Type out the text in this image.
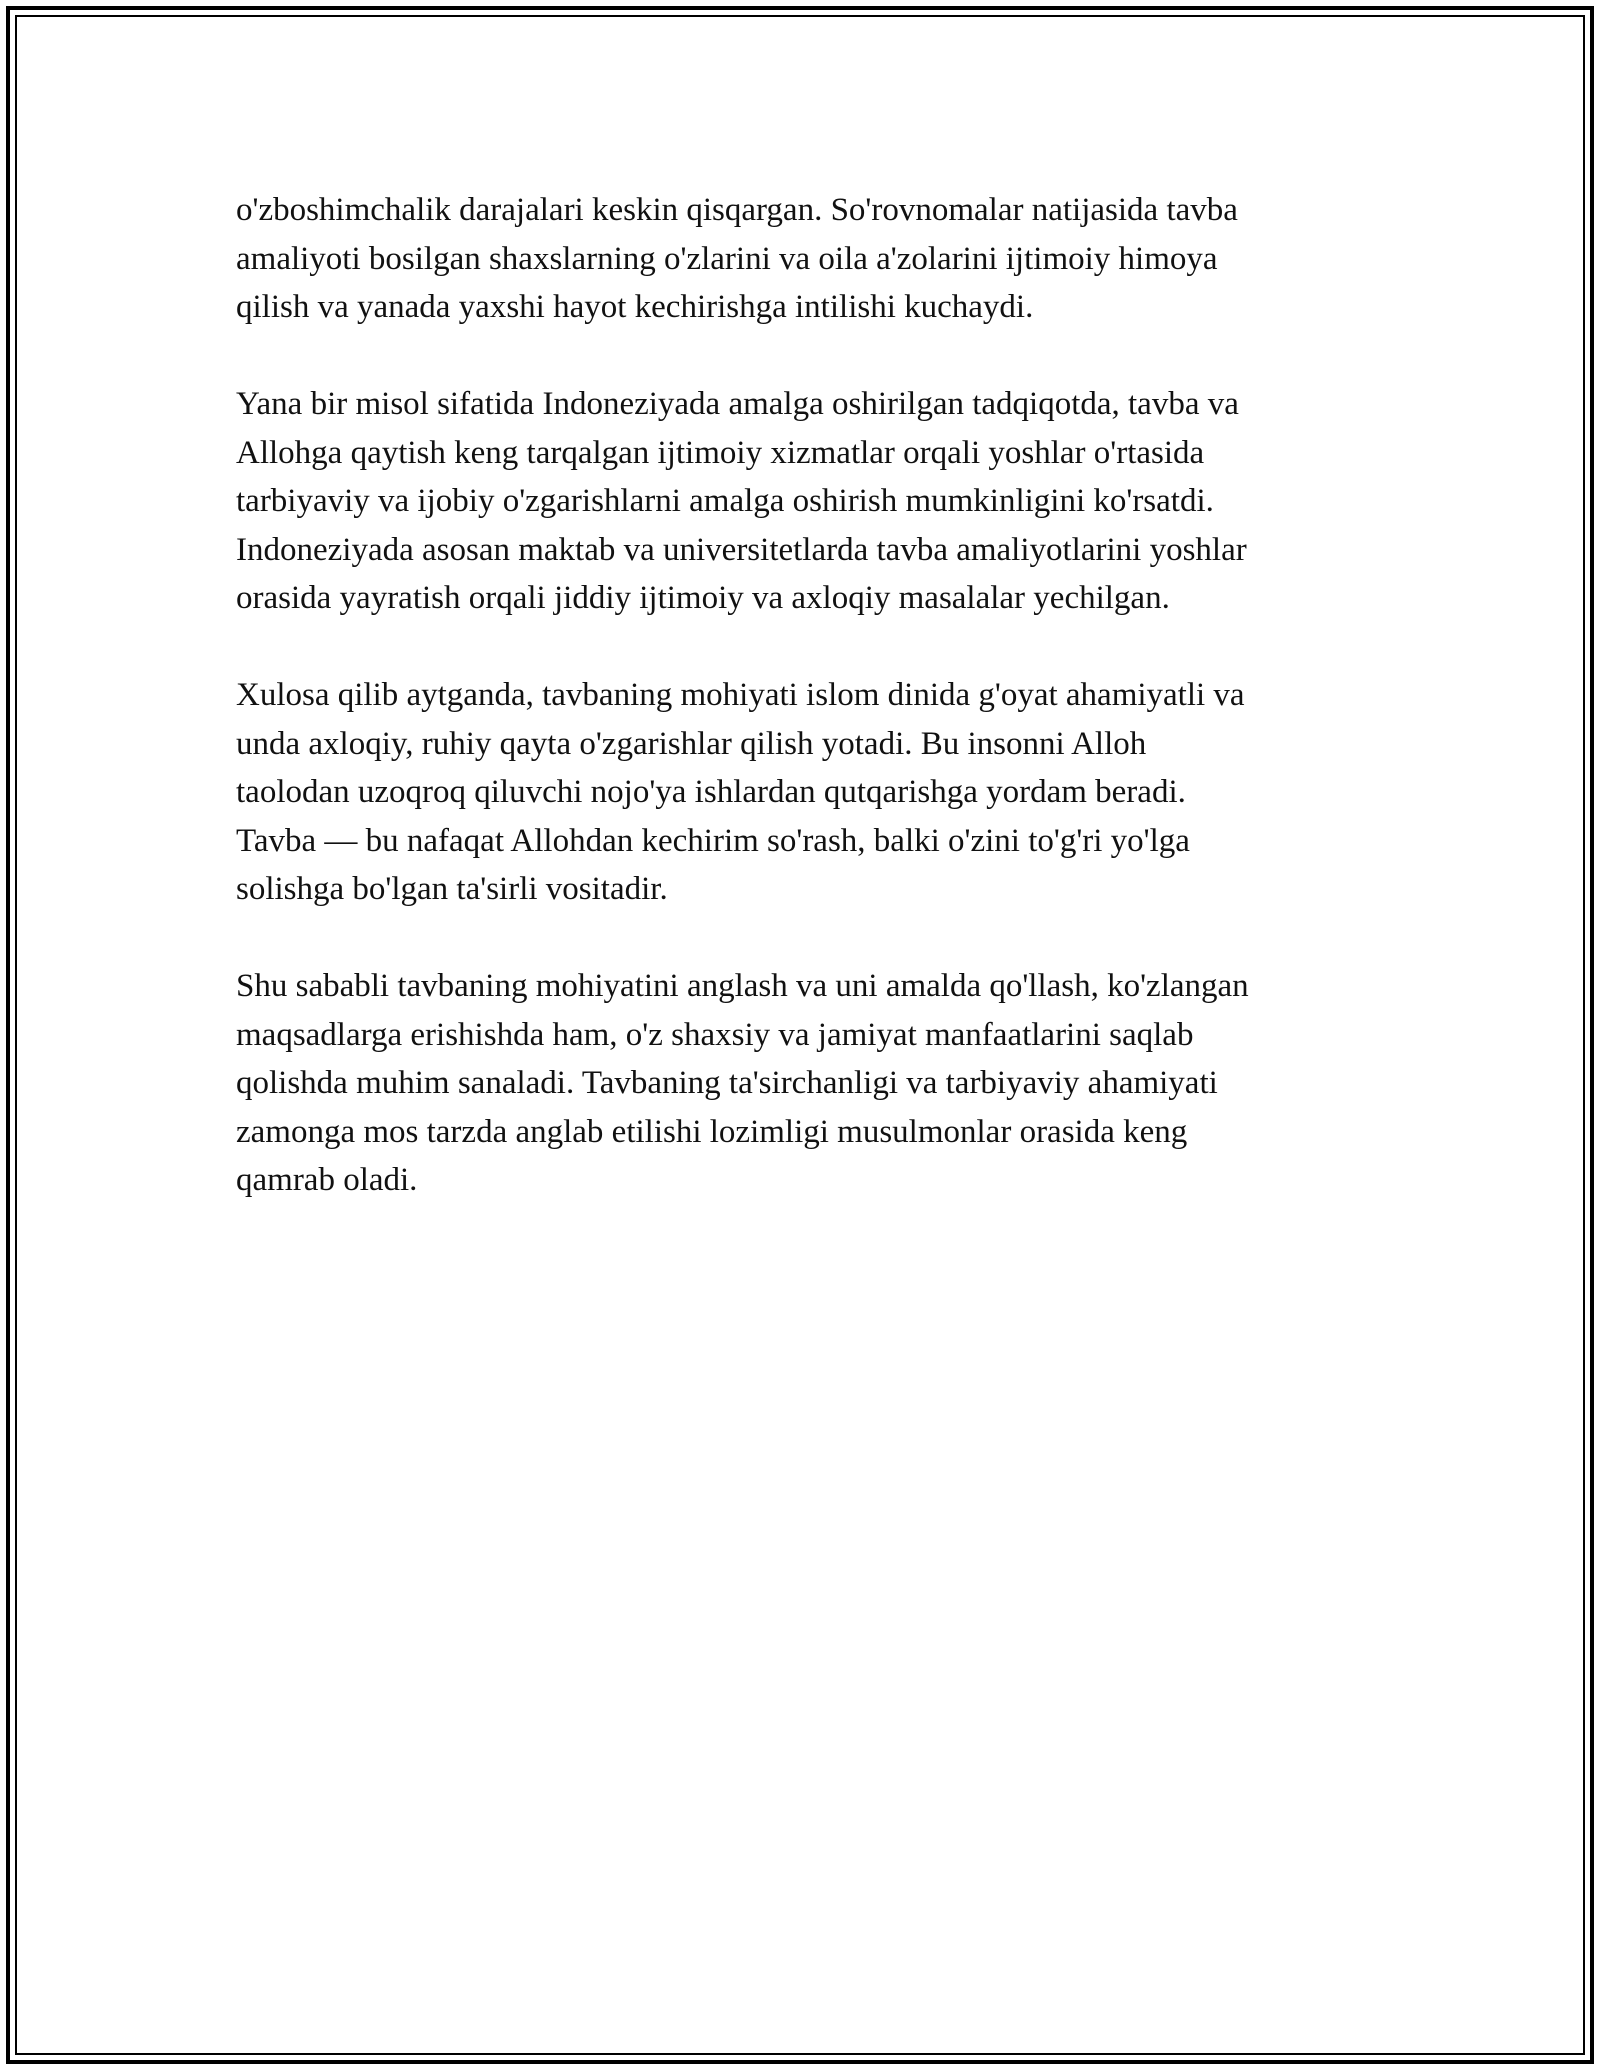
o'zboshimchalik darajalari keskin qisqargan. So'rovnomalar natijasida tavba
amaliyoti bosilgan shaxslarning o'zlarini va oila a'zolarini ijtimoiy himoya
qilish va yanada yaxshi hayot kechirishga intilishi kuchaydi.

Yana bir misol sifatida Indoneziyada amalga oshirilgan tadqiqotda, tavba va
Allohga qaytish keng tarqalgan ijtimoiy xizmatlar orqali yoshlar o'rtasida
tarbiyaviy va ijobiy o'zgarishlarni amalga oshirish mumkinligini ko'rsatdi.
Indoneziyada asosan maktab va universitetlarda tavba amaliyotlarini yoshlar
orasida yayratish orqali jiddiy ijtimoiy va axloqiy masalalar yechilgan.

Xulosa qilib aytganda, tavbaning mohiyati islom dinida g'oyat ahamiyatli va
unda axloqiy, ruhiy qayta o'zgarishlar qilish yotadi. Bu insonni Alloh
taolodan uzoqroq qiluvchi nojo'ya ishlardan qutqarishga yordam beradi.
Tavba — bu nafaqat Allohdan kechirim so'rash, balki o'zini to'g'ri yo'lga
solishga bo'lgan ta'sirli vositadir.

Shu sababli tavbaning mohiyatini anglash va uni amalda qo'llash, ko'zlangan
maqsadlarga erishishda ham, o'z shaxsiy va jamiyat manfaatlarini saqlab
qolishda muhim sanaladi. Tavbaning ta'sirchanligi va tarbiyaviy ahamiyati
zamonga mos tarzda anglab etilishi lozimligi musulmonlar orasida keng
qamrab oladi.
